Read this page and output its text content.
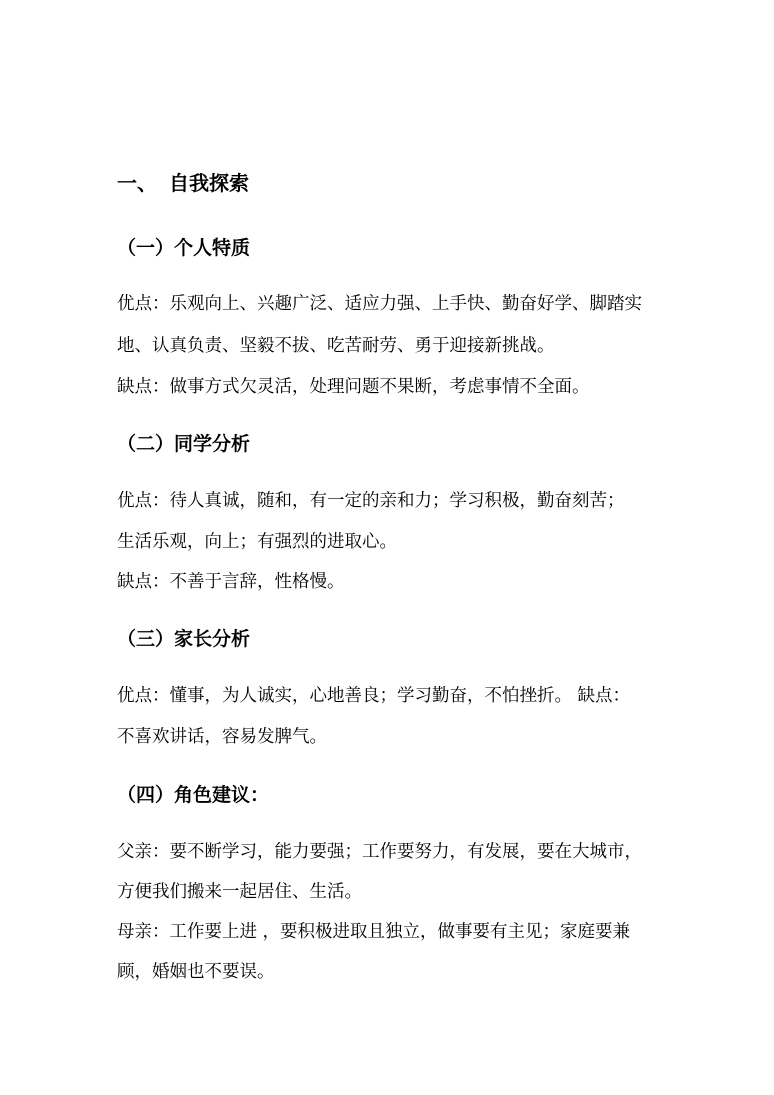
一、 自我探索
（一）个人特质
优点：乐观向上、兴趣广泛、适应力强、上手快、勤奋好学、脚踏实
地、认真负责、坚毅不拔、吃苦耐劳、勇于迎接新挑战。
缺点：做事方式欠灵活，处理问题不果断，考虑事情不全面。
（二）同学分析
优点：待人真诚，随和，有一定的亲和力；学习积极，勤奋刻苦；
生活乐观，向上；有强烈的进取心。
缺点：不善于言辞，性格慢。
（三）家长分析
优点：懂事，为人诚实，心地善良；学习勤奋，不怕挫折。 缺点：
不喜欢讲话，容易发脾气。
（四）角色建议：
父亲：要不断学习，能力要强；工作要努力，有发展，要在大城市，
方便我们搬来一起居住、生活。
母亲：工作要上进 ，要积极进取且独立，做事要有主见；家庭要兼
顾，婚姻也不要误。
